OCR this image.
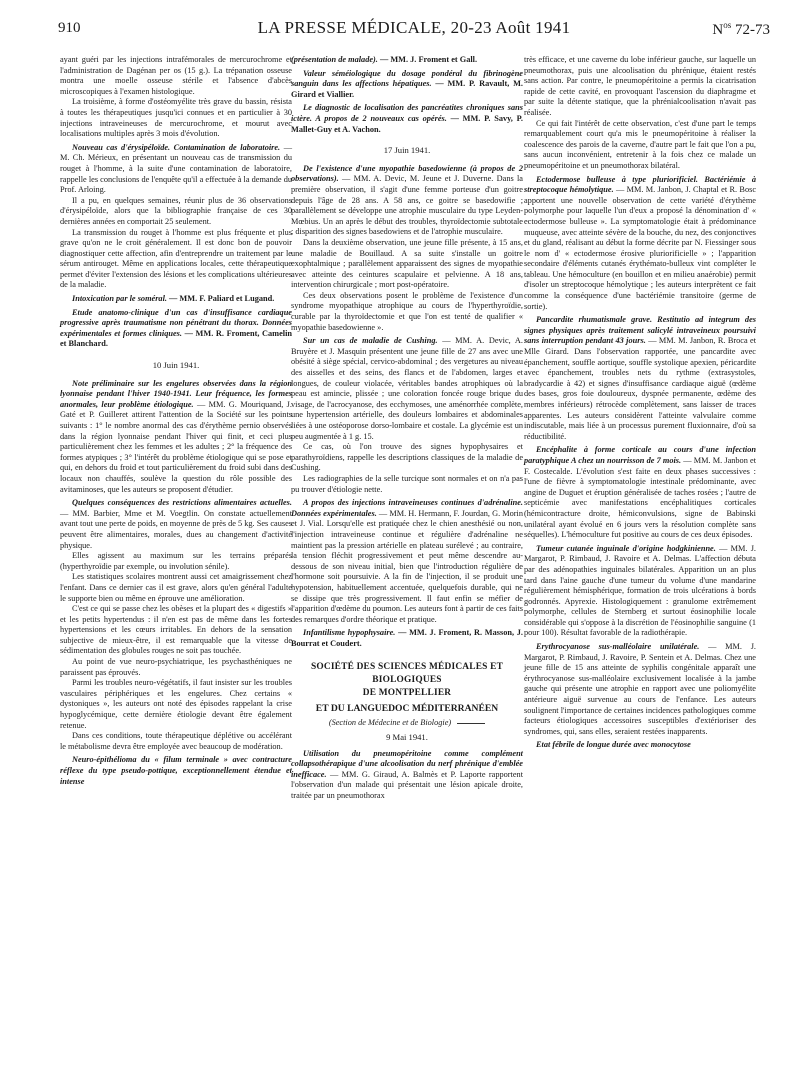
910	LA PRESSE MÉDICALE, 20-23 Août 1941	$N^{os}$ 72-73

ayant guéri par les injections intrafémorales de mercurochrome et l'administration de Dagénan per os (15 g.). La trépanation osseuse montra une moelle osseuse stérile et l'absence d'abcès microscopiques à l'examen histologique.

La troisième, à forme d'ostéomyélite très grave du bassin, résista à toutes les thérapeutiques jusqu'ici connues et en particulier à 30 injections intraveineuses de mercurochrome, et mourut avec localisations multiples après 3 mois d'évolution.

Nouveau cas d'érysipéloïde. Contamination de laboratoire. — M. Ch. Mérieux, en présentant un nouveau cas de transmission du rouget à l'homme, à la suite d'une contamination de laboratoire, rappelle les conclusions de l'enquête qu'il a effectuée à la demande du Prof. Arloing.

Il a pu, en quelques semaines, réunir plus de 36 observations d'érysipéloïde, alors que la bibliographie française de ces 30 dernières années en comportait 25 seulement.

La transmission du rouget à l'homme est plus fréquente et plus grave qu'on ne le croit généralement. Il est donc bon de pouvoir diagnostiquer cette affection, afin d'entreprendre un traitement par le sérum antirouget. Même en applications locales, cette thérapeutique permet d'éviter l'extension des lésions et les complications ultérieures de la maladie.

Intoxication par le soméral. — MM. F. Paliard et Lugand.

Etude anatomo-clinique d'un cas d'insuffisance cardiaque progressive après traumatisme non pénétrant du thorax. Données expérimentales et formes cliniques. — MM. R. Froment, Camelin et Blanchard.

10 Juin 1941.

Note préliminaire sur les engelures observées dans la région lyonnaise pendant l'hiver 1940-1941. Leur fréquence, les formes anormales, leur problème étiologique. — MM. G. Mouriquand, J. Gaté et P. Guilleret attirent l'attention de la Société sur les points suivants : 1° le nombre anormal des cas d'érythème pernio observés dans la région lyonnaise pendant l'hiver qui finit, et ceci plus particulièrement chez les femmes et les adultes ; 2° la fréquence des formes atypiques ; 3° l'intérêt du problème étiologique qui se pose et qui, en dehors du froid et tout particulièrement du froid subi dans des locaux non chauffés, soulève la question du rôle possible des avitaminoses, que les auteurs se proposent d'étudier.

Quelques conséquences des restrictions alimentaires actuelles. — MM. Barbier, Mme et M. Voegtlin. On constate actuellement avant tout une perte de poids, en moyenne de près de 5 kg. Ses causes peuvent être alimentaires, morales, dues au changement d'activité physique.

Elles agissent au maximum sur les terrains préparés (hyperthyroïdie par exemple, ou involution sénile).

Les statistiques scolaires montrent aussi cet amaigrissement chez l'enfant. Dans ce dernier cas il est grave, alors qu'en général l'adulte le supporte bien ou même en éprouve une amélioration.

C'est ce qui se passe chez les obèses et la plupart des « digestifs » et les petits hypertendus : il n'en est pas de même dans les fortes hypertensions et les cœurs irritables. En dehors de la sensation subjective de mieux-être, il est remarquable que la vitesse de sédimentation des globules rouges ne soit pas touchée.

Au point de vue neuro-psychiatrique, les psychasthéniques ne paraissent pas éprouvés.

Parmi les troubles neuro-végétatifs, il faut insister sur les troubles vasculaires périphériques et les engelures. Chez certains « dystoniques », les auteurs ont noté des épisodes rappelant la crise hypoglycémique, cette dernière étiologie devant être également retenue.

Dans ces conditions, toute thérapeutique déplétive ou accélérant le métabolisme devra être employée avec beaucoup de modération.

Neuro-épithélioma du « filum terminale » avec contracture réflexe du type pseudo-pottique, exceptionnellement étendue et intense

(présentation de malade). — MM. J. Froment et Gall.

Valeur séméiologique du dosage pondéral du fibrinogène sanguin dans les affections hépatiques. — MM. P. Ravault, M. Girard et Viallier.

Le diagnostic de localisation des pancréatites chroniques sans ictère. A propos de 2 nouveaux cas opérés. — MM. P. Savy, P. Mallet-Guy et A. Vachon.

17 Juin 1941.

De l'existence d'une myopathie basedowienne (à propos de 2 observations). — MM. A. Devic, M. Jeune et J. Duverne. Dans la première observation, il s'agit d'une femme porteuse d'un goitre depuis l'âge de 28 ans. A 58 ans, ce goitre se basedowifie ; parallèlement se développe une atrophie musculaire du type Leyden-Mœbius. Un an après le début des troubles, thyroïdectomie subtotale ; disparition des signes basedowiens et de l'atrophie musculaire.

Dans la deuxième observation, une jeune fille présente, à 15 ans, une maladie de Bouillaud. A sa suite s'installe un goitre exophtalmique ; parallèlement apparaissent des signes de myopathie avec atteinte des ceintures scapulaire et pelvienne. A 18 ans, intervention chirurgicale ; mort post-opératoire.

Ces deux observations posent le problème de l'existence d'un syndrome myopathique atrophique au cours de l'hyperthyroïdie, curable par la thyroïdectomie et que l'on est tenté de qualifier « myopathie basedowienne ».

Sur un cas de maladie de Cushing. — MM. A. Devic, A. Bruyère et J. Masquin présentent une jeune fille de 27 ans avec une obésité à siège spécial, cervico-abdominal ; des vergetures au niveau des aisselles et des seins, des flancs et de l'abdomen, larges et longues, de couleur violacée, véritables bandes atrophiques où la peau est amincie, plissée ; une coloration foncée rouge brique du visage, de l'acrocyanose, des ecchymoses, une aménorrhée complète, une hypertension artérielle, des douleurs lombaires et abdominales liées à une ostéoporose dorso-lombaire et costale. La glycémie est un peu augmentée à 1 g. 15.

Ce cas, où l'on trouve des signes hypophysaires et parathyroïdiens, rappelle les descriptions classiques de la maladie de Cushing.

Les radiographies de la selle turcique sont normales et on n'a pas pu trouver d'étiologie nette.

A propos des injections intraveineuses continues d'adrénaline. Données expérimentales. — MM. H. Hermann, F. Jourdan, G. Morin et J. Vial. Lorsqu'elle est pratiquée chez le chien anesthésié ou non, l'injection intraveineuse continue et régulière d'adrénaline ne maintient pas la pression artérielle en plateau surélevé ; au contraire, la tension fléchit progressivement et peut même descendre au-dessous de son niveau initial, bien que l'introduction régulière de l'hormone soit poursuivie. A la fin de l'injection, il se produit une hypotension, habituellement accentuée, quelquefois durable, qui ne se dissipe que très progressivement. Il faut enfin se méfier de l'apparition d'œdème du poumon. Les auteurs font à partir de ces faits des remarques d'ordre théorique et pratique.

Infantilisme hypophysaire. — MM. J. Froment, R. Masson, J. Bourrat et Coudert.

SOCIÉTÉ DES SCIENCES MÉDICALES ET BIOLOGIQUES
DE MONTPELLIER
ET DU LANGUEDOC MÉDITERRANÉEN
(Section de Médecine et de Biologie)
9 Mai 1941.

Utilisation du pneumopéritoine comme complément collapsothérapique d'une alcoolisation du nerf phrénique d'emblée inefficace. — MM. G. Giraud, A. Balmès et P. Laporte rapportent l'observation d'un malade qui présentait une lésion apicale droite, traitée par un pneumothorax

très efficace, et une caverne du lobe inférieur gauche, sur laquelle un pneumothorax, puis une alcoolisation du phrénique, étaient restés sans action. Par contre, le pneumopéritoine a permis la cicatrisation rapide de cette cavité, en provoquant l'ascension du diaphragme et par suite la détente statique, que la phrénialcoolisation n'avait pas réalisée.

Ce qui fait l'intérêt de cette observation, c'est d'une part le temps remarquablement court qu'a mis le pneumopéritoine à réaliser la coalescence des parois de la caverne, d'autre part le fait que l'on a pu, sans aucun inconvénient, entretenir à la fois chez ce malade un pneumopéritoine et un pneumothorax bilatéral.

Ectodermose bulleuse à type pluriorificiel. Bactériémie à streptocoque hémolytique. — MM. M. Janbon, J. Chaptal et R. Bosc apportent une nouvelle observation de cette variété d'érythème polymorphe pour laquelle l'un d'eux a proposé la dénomination d' « ectodermose bulleuse ». La symptomatologie était à prédominance muqueuse, avec atteinte sévère de la bouche, du nez, des conjonctives et du gland, réalisant au début la forme décrite par N. Fiessinger sous le nom d' « ectodermose érosive pluriorificielle » ; l'apparition secondaire d'éléments cutanés érythémato-bulleux vint compléter le tableau. Une hémoculture (en bouillon et en milieu anaérobie) permit d'isoler un streptocoque hémolytique ; les auteurs interprètent ce fait comme la conséquence d'une bactériémie transitoire (germe de sortie).

Pancardite rhumatismale grave. Restitutio ad integrum des signes physiques après traitement salicylé intraveineux poursuivi sans interruption pendant 43 jours. — MM. M. Janbon, R. Broca et Mlle Girard. Dans l'observation rapportée, une pancardite avec épanchement, souffle aortique, souffle systolique apexien, péricardite avec épanchement, troubles nets du rythme (extrasystoles, bradycardie à 42) et signes d'insuffisance cardiaque aiguë (œdème des bases, gros foie douloureux, dyspnée permanente, œdème des membres inférieurs) rétrocède complètement, sans laisser de traces apparentes. Les auteurs considèrent l'atteinte valvulaire comme indiscutable, mais liée à un processus purement fluxionnaire, d'où sa réductibilité.

Encéphalite à forme corticale au cours d'une infection paratyphique A chez un nourrisson de 7 mois. — MM. M. Janbon et F. Costecalde. L'évolution s'est faite en deux phases successives : l'une de fièvre à symptomatologie intestinale prédominante, avec angine de Duguet et éruption généralisée de taches rosées ; l'autre de septicémie avec manifestations encéphalitiques corticales (hémicontracture droite, hémiconvulsions, signe de Babinski unilatéral ayant évolué en 6 jours vers la résolution complète sans séquelles). L'hémoculture fut positive au cours de ces deux épisodes.

Tumeur cutanée inguinale d'origine hodgkinienne. — MM. J. Margarot, P. Rimbaud, J. Ravoire et A. Delmas. L'affection débuta par des adénopathies inguinales bilatérales. Apparition un an plus tard dans l'aine gauche d'une tumeur du volume d'une mandarine régulièrement hémisphérique, formation de trois ulcérations à bords godronnés. Apyrexie. Histologiquement : granulome extrêmement polymorphe, cellules de Sternberg et surtout éosinophilie locale considérable qui s'oppose à la discrétion de l'éosinophilie sanguine (1 pour 100). Résultat favorable de la radiothérapie.

Erythrocyanose sus-malléolaire unilatérale. — MM. J. Margarot, P. Rimbaud, J. Ravoire, P. Sentein et A. Delmas. Chez une jeune fille de 15 ans atteinte de syphilis congénitale apparaît une érythrocyanose sus-malléolaire exclusivement localisée à la jambe gauche qui présente une atrophie en rapport avec une poliomyélite antérieure aiguë survenue au cours de l'enfance. Les auteurs soulignent l'importance de certaines incidences pathologiques comme facteurs étiologiques accessoires susceptibles d'extérioriser des syndromes, qui, sans elles, seraient restées inapparents.

Etat fébrile de longue durée avec monocytose
